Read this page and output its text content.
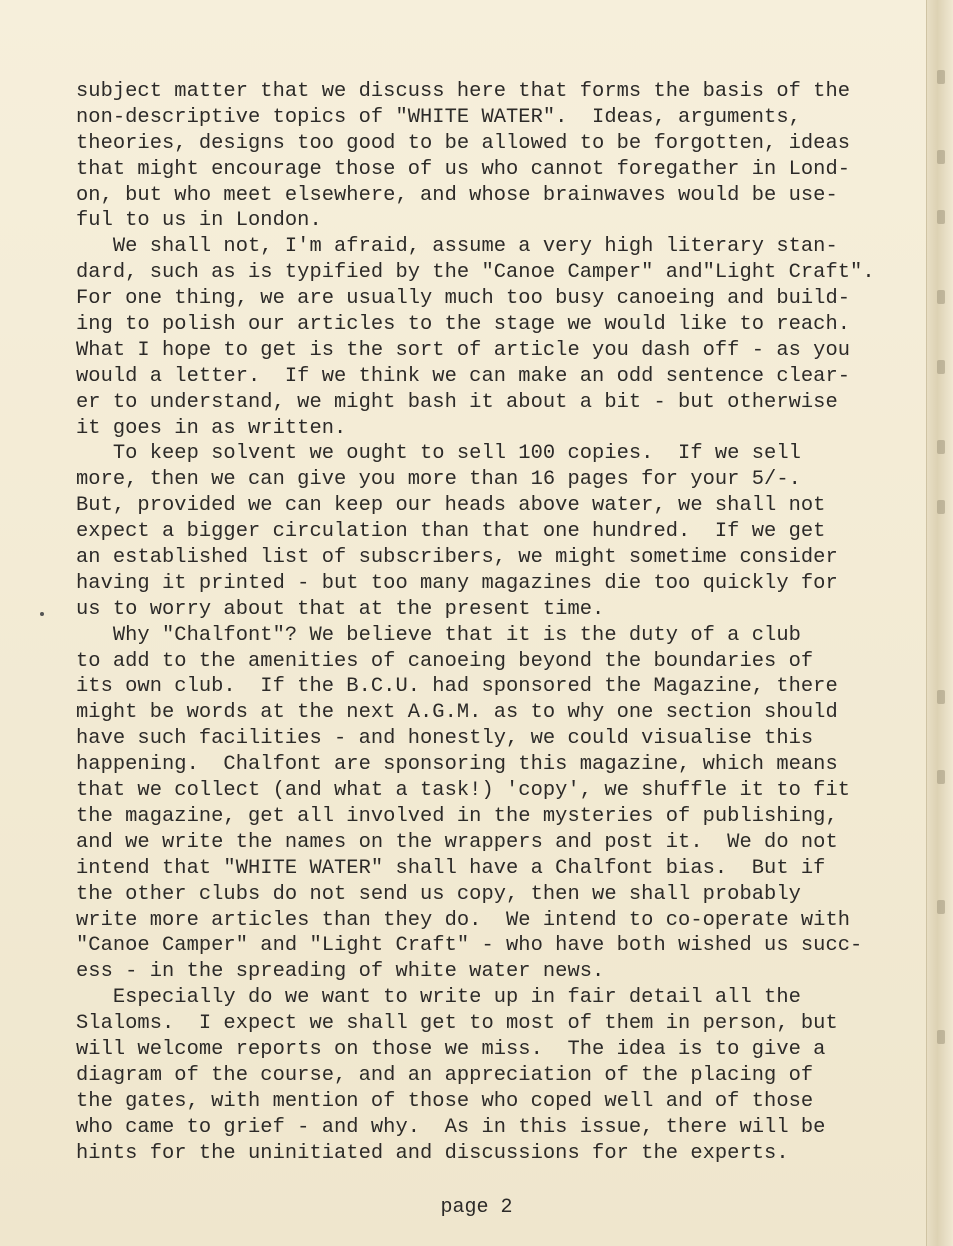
subject matter that we discuss here that forms the basis of the
non-descriptive topics of "WHITE WATER".  Ideas, arguments,
theories, designs too good to be allowed to be forgotten, ideas
that might encourage those of us who cannot foregather in Lond-
on, but who meet elsewhere, and whose brainwaves would be use-
ful to us in London.
We shall not, I'm afraid, assume a very high literary stan-
dard, such as is typified by the "Canoe Camper" and"Light Craft".
For one thing, we are usually much too busy canoeing and build-
ing to polish our articles to the stage we would like to reach.
What I hope to get is the sort of article you dash off - as you
would a letter.  If we think we can make an odd sentence clear-
er to understand, we might bash it about a bit - but otherwise
it goes in as written.
To keep solvent we ought to sell 100 copies.  If we sell
more, then we can give you more than 16 pages for your 5/-.
But, provided we can keep our heads above water, we shall not
expect a bigger circulation than that one hundred.  If we get
an established list of subscribers, we might sometime consider
having it printed - but too many magazines die too quickly for
us to worry about that at the present time.
Why "Chalfont"? We believe that it is the duty of a club
to add to the amenities of canoeing beyond the boundaries of
its own club.  If the B.C.U. had sponsored the Magazine, there
might be words at the next A.G.M. as to why one section should
have such facilities - and honestly, we could visualise this
happening.  Chalfont are sponsoring this magazine, which means
that we collect (and what a task!) 'copy', we shuffle it to fit
the magazine, get all involved in the mysteries of publishing,
and we write the names on the wrappers and post it.  We do not
intend that "WHITE WATER" shall have a Chalfont bias.  But if
the other clubs do not send us copy, then we shall probably
write more articles than they do.  We intend to co-operate with
"Canoe Camper" and "Light Craft" - who have both wished us succ-
ess - in the spreading of white water news.
Especially do we want to write up in fair detail all the
Slaloms.  I expect we shall get to most of them in person, but
will welcome reports on those we miss.  The idea is to give a
diagram of the course, and an appreciation of the placing of
the gates, with mention of those who coped well and of those
who came to grief - and why.  As in this issue, there will be
hints for the uninitiated and discussions for the experts.
page 2
